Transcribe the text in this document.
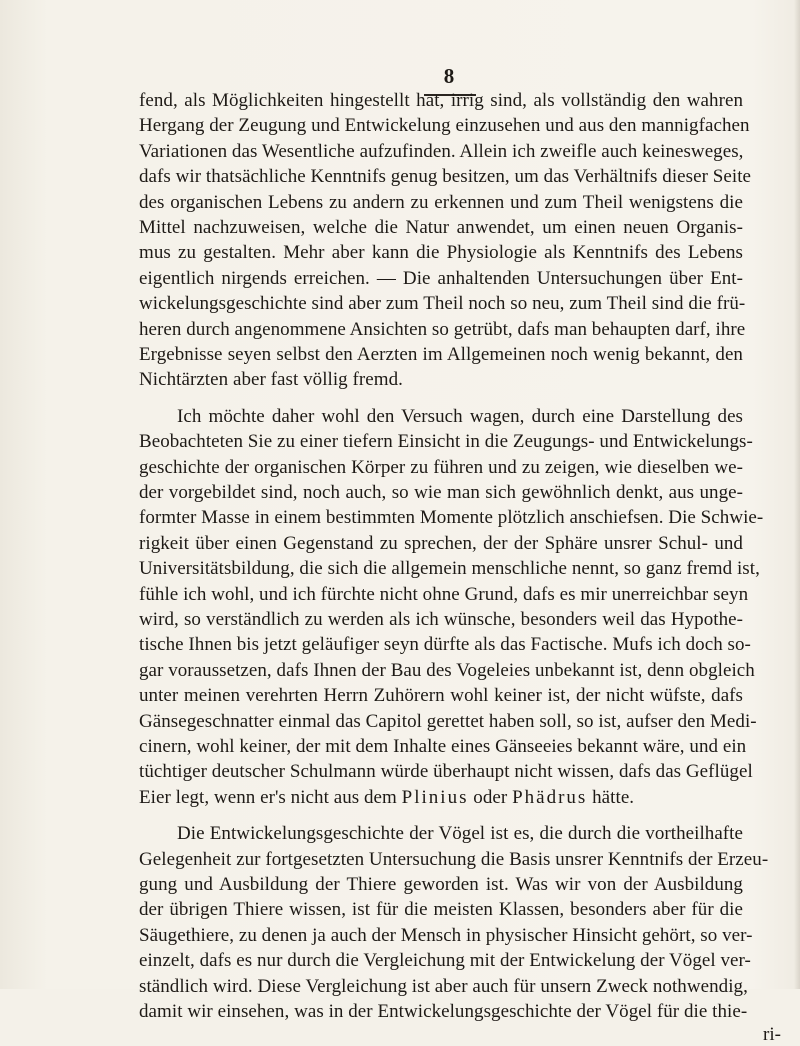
8
fend, als Möglichkeiten hingestellt hat, irrig sind, als vollständig den wahren
Hergang der Zeugung und Entwickelung einzusehen und aus den mannigfachen
Variationen das Wesentliche aufzufinden. Allein ich zweifle auch keinesweges,
dafs wir thatsächliche Kenntnifs genug besitzen, um das Verhältnifs dieser Seite
des organischen Lebens zu andern zu erkennen und zum Theil wenigstens die
Mittel nachzuweisen, welche die Natur anwendet, um einen neuen Organis-
mus zu gestalten. Mehr aber kann die Physiologie als Kenntnifs des Lebens
eigentlich nirgends erreichen. — Die anhaltenden Untersuchungen über Ent-
wickelungsgeschichte sind aber zum Theil noch so neu, zum Theil sind die frü-
heren durch angenommene Ansichten so getrübt, dafs man behaupten darf, ihre
Ergebnisse seyen selbst den Aerzten im Allgemeinen noch wenig bekannt, den
Nichtärzten aber fast völlig fremd.
Ich möchte daher wohl den Versuch wagen, durch eine Darstellung des
Beobachteten Sie zu einer tiefern Einsicht in die Zeugungs- und Entwickelungs-
geschichte der organischen Körper zu führen und zu zeigen, wie dieselben we-
der vorgebildet sind, noch auch, so wie man sich gewöhnlich denkt, aus unge-
formter Masse in einem bestimmten Momente plötzlich anschiefsen. Die Schwie-
rigkeit über einen Gegenstand zu sprechen, der der Sphäre unsrer Schul- und
Universitätsbildung, die sich die allgemein menschliche nennt, so ganz fremd ist,
fühle ich wohl, und ich fürchte nicht ohne Grund, dafs es mir unerreichbar seyn
wird, so verständlich zu werden als ich wünsche, besonders weil das Hypothe-
tische Ihnen bis jetzt geläufiger seyn dürfte als das Factische. Mufs ich doch so-
gar voraussetzen, dafs Ihnen der Bau des Vogeleies unbekannt ist, denn obgleich
unter meinen verehrten Herrn Zuhörern wohl keiner ist, der nicht wüfste, dafs
Gänsegeschnatter einmal das Capitol gerettet haben soll, so ist, aufser den Medi-
cinern, wohl keiner, der mit dem Inhalte eines Gänseeies bekannt wäre, und ein
tüchtiger deutscher Schulmann würde überhaupt nicht wissen, dafs das Geflügel
Eier legt, wenn er's nicht aus dem Plinius oder Phädrus hätte.
Die Entwickelungsgeschichte der Vögel ist es, die durch die vortheilhafte
Gelegenheit zur fortgesetzten Untersuchung die Basis unsrer Kenntnifs der Erzeu-
gung und Ausbildung der Thiere geworden ist. Was wir von der Ausbildung
der übrigen Thiere wissen, ist für die meisten Klassen, besonders aber für die
Säugethiere, zu denen ja auch der Mensch in physischer Hinsicht gehört, so ver-
einzelt, dafs es nur durch die Vergleichung mit der Entwickelung der Vögel ver-
ständlich wird. Diese Vergleichung ist aber auch für unsern Zweck nothwendig,
damit wir einsehen, was in der Entwickelungsgeschichte der Vögel für die thie-
ri-
